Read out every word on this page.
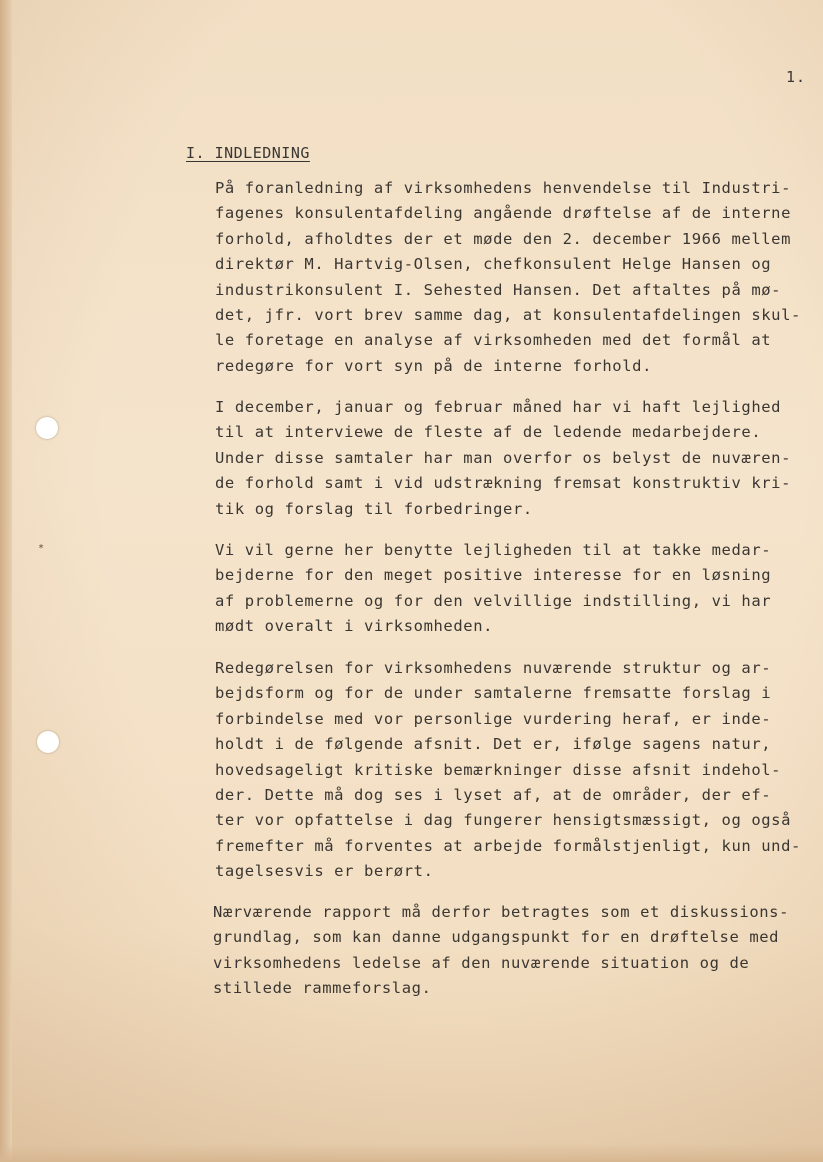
*
1.
I. INDLEDNING

På foranledning af virksomhedens henvendelse til Industri-
fagenes konsulentafdeling angående drøftelse af de interne
forhold, afholdtes der et møde den 2. december 1966 mellem
direktør M. Hartvig-Olsen, chefkonsulent Helge Hansen og
industrikonsulent I. Sehested Hansen. Det aftaltes på mø-
det, jfr. vort brev samme dag, at konsulentafdelingen skul-
le foretage en analyse af virksomheden med det formål at
redegøre for vort syn på de interne forhold.

I december, januar og februar måned har vi haft lejlighed
til at interviewe de fleste af de ledende medarbejdere.
Under disse samtaler har man overfor os belyst de nuværen-
de forhold samt i vid udstrækning fremsat konstruktiv kri-
tik og forslag til forbedringer.

Vi vil gerne her benytte lejligheden til at takke medar-
bejderne for den meget positive interesse for en løsning
af problemerne og for den velvillige indstilling, vi har
mødt overalt i virksomheden.

Redegørelsen for virksomhedens nuværende struktur og ar-
bejdsform og for de under samtalerne fremsatte forslag i
forbindelse med vor personlige vurdering heraf, er inde-
holdt i de følgende afsnit. Det er, ifølge sagens natur,
hovedsageligt kritiske bemærkninger disse afsnit indehol-
der. Dette må dog ses i lyset af, at de områder, der ef-
ter vor opfattelse i dag fungerer hensigtsmæssigt, og også
fremefter må forventes at arbejde formålstjenligt, kun und-
tagelsesvis er berørt.

Nærværende rapport må derfor betragtes som et diskussions-
grundlag, som kan danne udgangspunkt for en drøftelse med
virksomhedens ledelse af den nuværende situation og de
stillede rammeforslag.
